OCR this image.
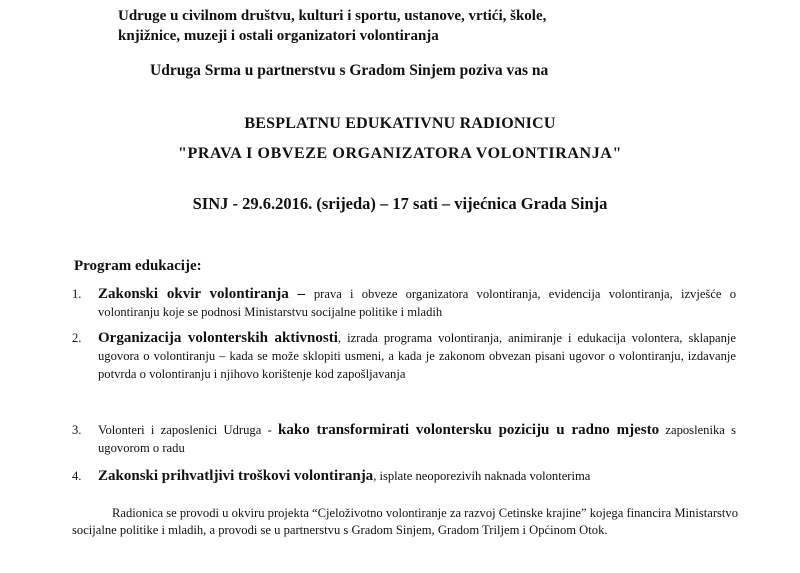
Udruge u civilnom društvu, kulturi i sportu, ustanove, vrtići, škole,
knjižnice, muzeji i ostali organizatori volontiranja
Udruga Srma u partnerstvu s Gradom Sinjem poziva vas na
BESPLATNU EDUKATIVNU RADIONICU
"PRAVA I OBVEZE ORGANIZATORA VOLONTIRANJA"
SINJ - 29.6.2016. (srijeda) – 17 sati – vijećnica Grada Sinja
Program edukacije:
1. Zakonski okvir volontiranja – prava i obveze organizatora volontiranja, evidencija volontiranja, izvješće o volontiranju koje se podnosi Ministarstvu socijalne politike i mladih
2. Organizacija volonterskih aktivnosti, izrada programa volontiranja, animiranje i edukacija volontera, sklapanje ugovora o volontiranju – kada se može sklopiti usmeni, a kada je zakonom obvezan pisani ugovor o volontiranju, izdavanje potvrda o volontiranju i njihovo korištenje kod zapošljavanja
3. Volonteri i zaposlenici Udruga - kako transformirati volontersku poziciju u radno mjesto zaposlenika s ugovorom o radu
4. Zakonski prihvatljivi troškovi volontiranja, isplate neoporezivih naknada volonterima
Radionica se provodi u okviru projekta “Cjeloživotno volontiranje za razvoj Cetinske krajine” kojega financira Ministarstvo socijalne politike i mladih, a provodi se u partnerstvu s Gradom Sinjem, Gradom Trilјem i Općinom Otok.
